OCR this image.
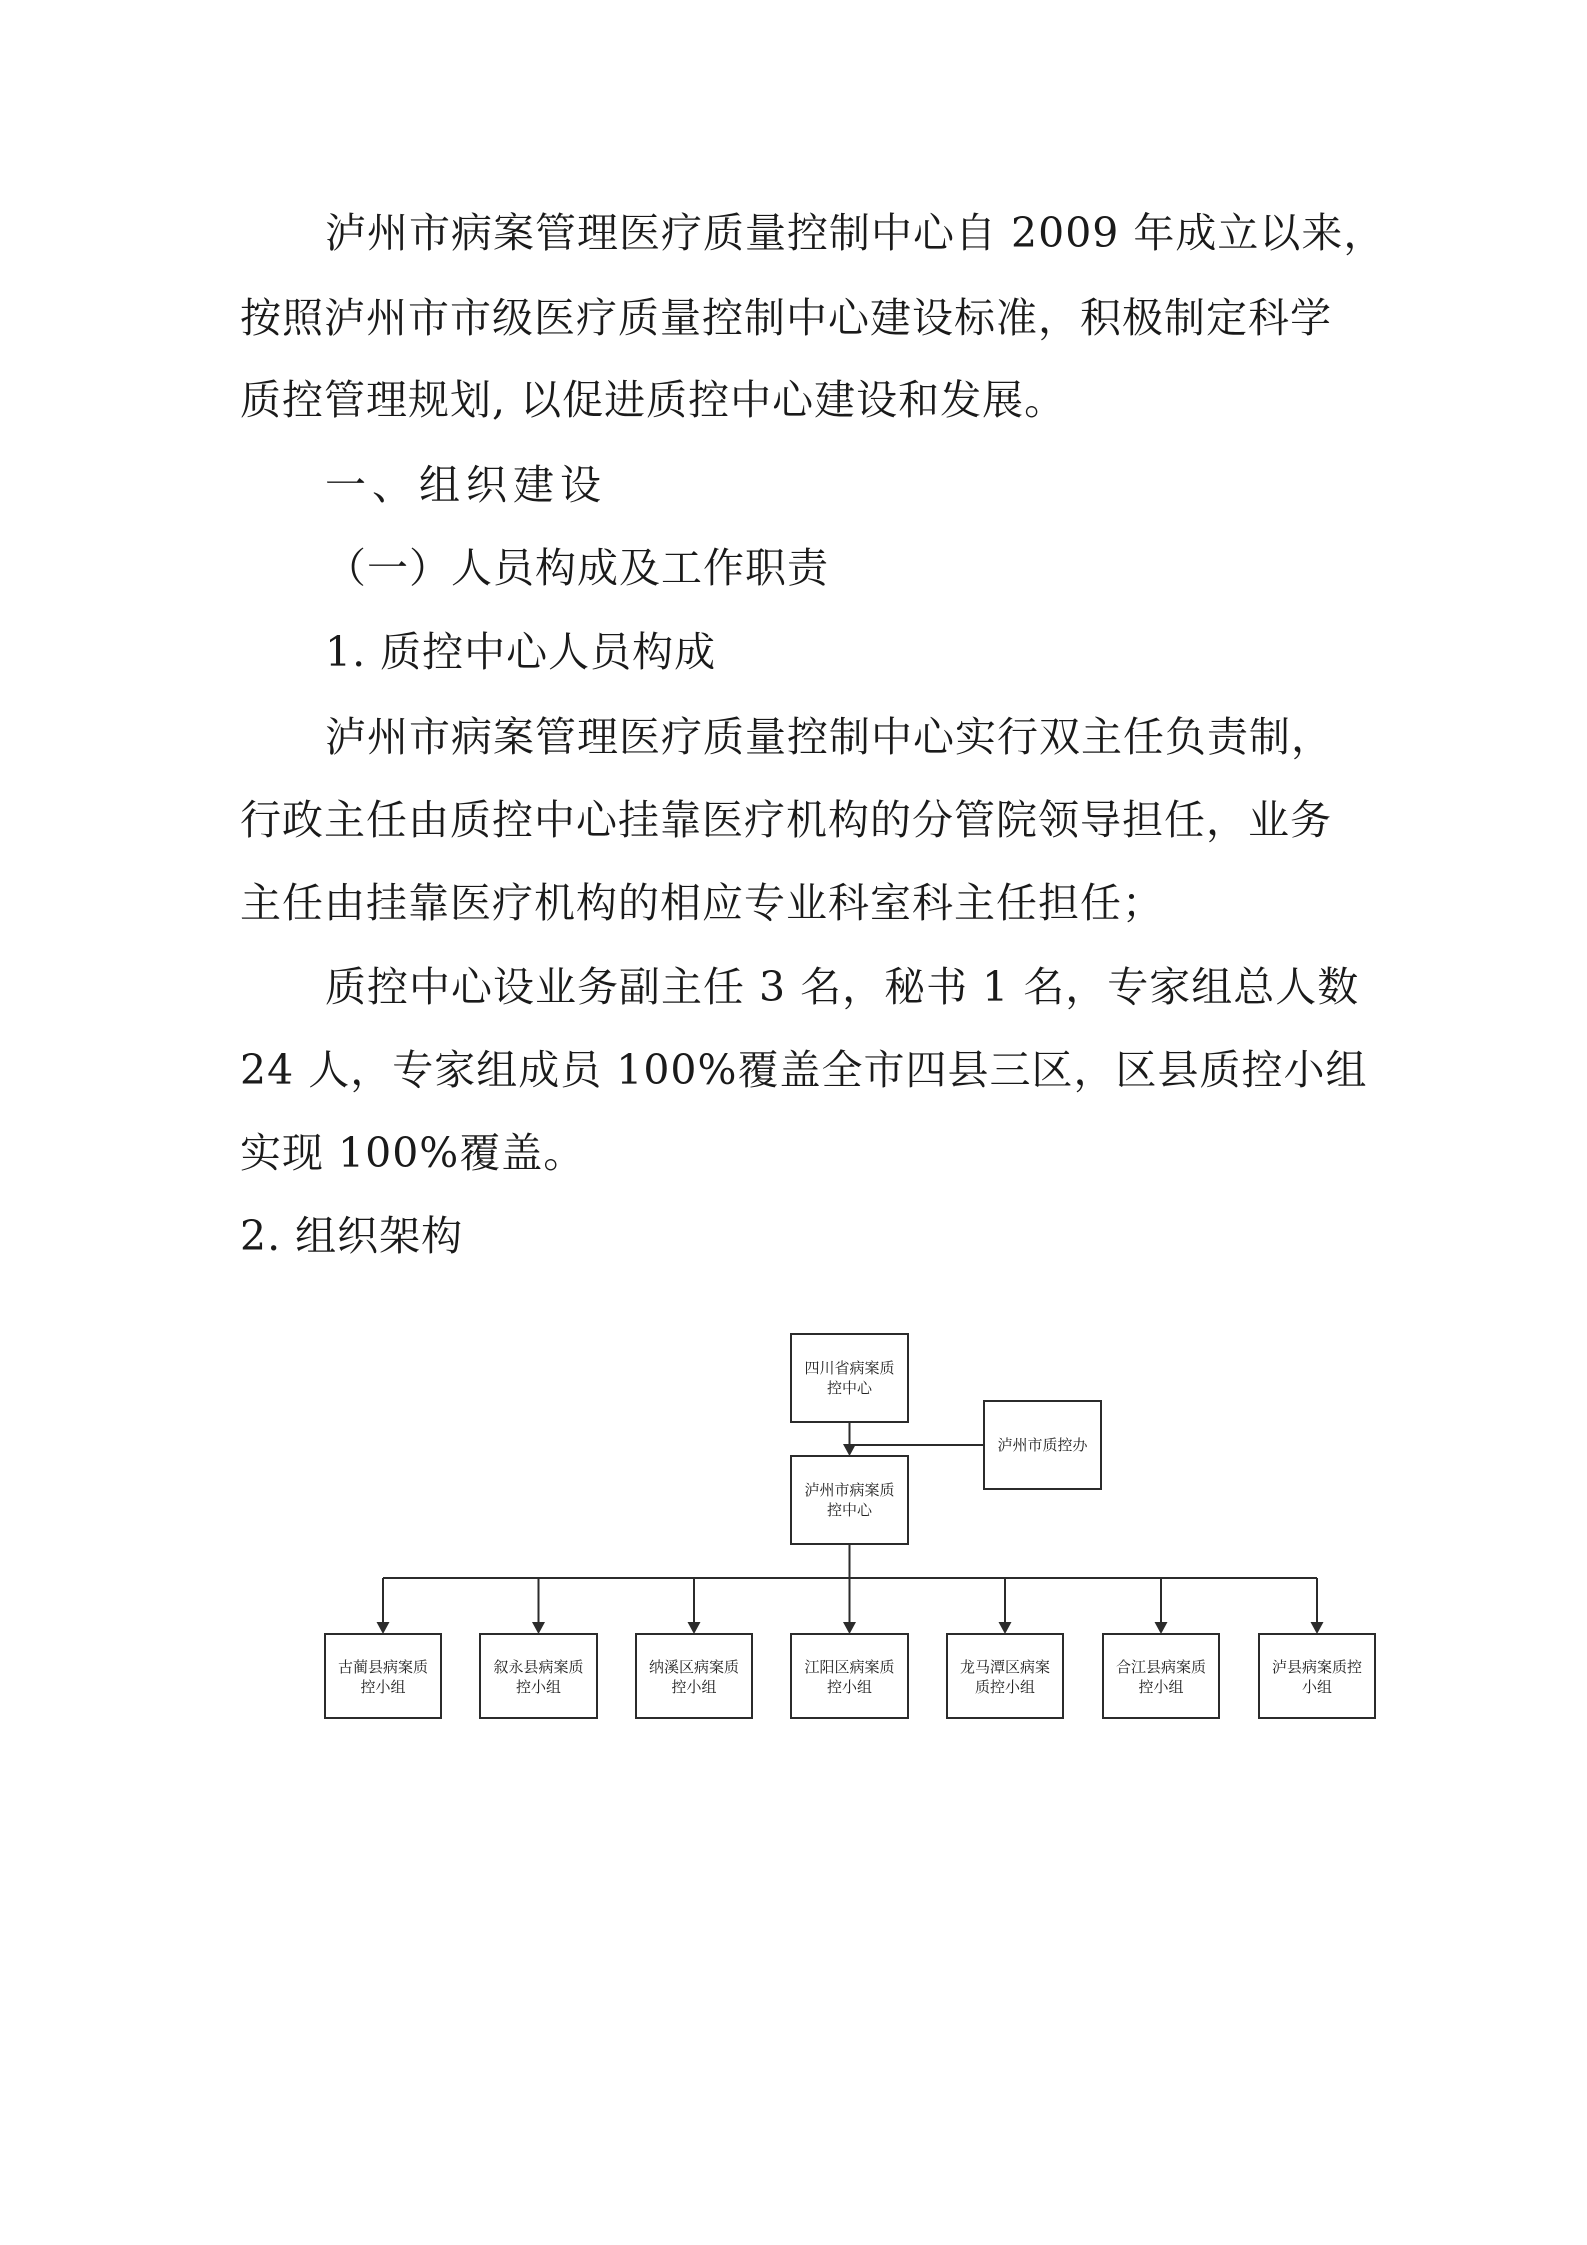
泸州市病案管理医疗质量控制中心自 2009 年成立以来，
按照泸州市市级医疗质量控制中心建设标准，积极制定科学
质控管理规划, 以促进质控中心建设和发展。
一、组织建设
（一）人员构成及工作职责
1. 质控中心人员构成
泸州市病案管理医疗质量控制中心实行双主任负责制，
行政主任由质控中心挂靠医疗机构的分管院领导担任，业务
主任由挂靠医疗机构的相应专业科室科主任担任；
质控中心设业务副主任 3 名，秘书 1 名，专家组总人数
24 人，专家组成员 100%覆盖全市四县三区，区县质控小组
实现 100%覆盖。
2. 组织架构
四川省病案质
控中心
泸州市质控办
泸州市病案质
控中心
古蔺县病案质
控小组
叙永县病案质
控小组
纳溪区病案质
控小组
江阳区病案质
控小组
龙马潭区病案
质控小组
合江县病案质
控小组
泸县病案质控
小组
